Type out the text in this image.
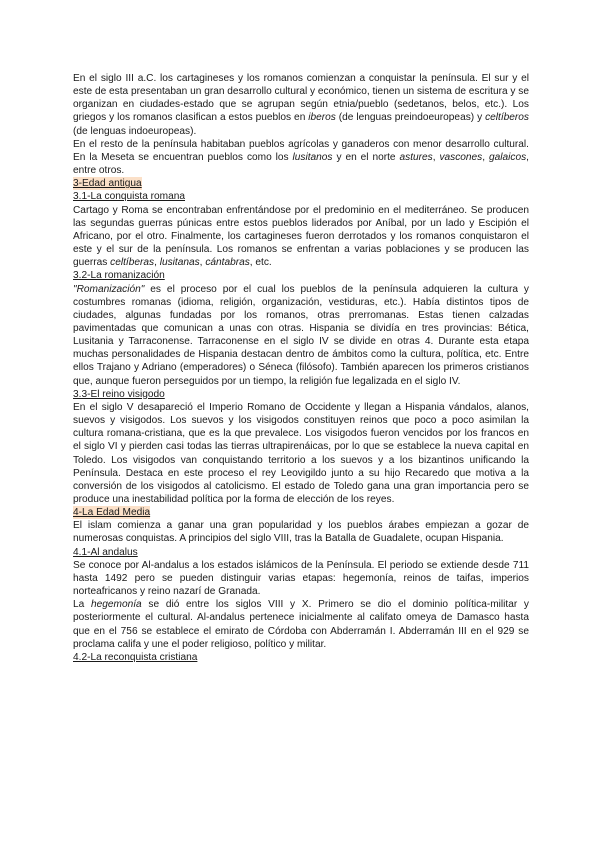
En el siglo III a.C. los cartagineses y los romanos comienzan a conquistar la península. El sur y el este de esta presentaban un gran desarrollo cultural y económico, tienen un sistema de escritura y se organizan en ciudades-estado que se agrupan según etnia/pueblo (sedetanos, belos, etc.). Los griegos y los romanos clasifican a estos pueblos en iberos (de lenguas preindoeuropeas) y celtíberos (de lenguas indoeuropeas).

En el resto de la península habitaban pueblos agrícolas y ganaderos con menor desarrollo cultural. En la Meseta se encuentran pueblos como los lusitanos y en el norte astures, vascones, galaicos, entre otros.

3-Edad antigua
3.1-La conquista romana

Cartago y Roma se encontraban enfrentándose por el predominio en el mediterráneo. Se producen las segundas guerras púnicas entre estos pueblos liderados por Aníbal, por un lado y Escipión el Africano, por el otro. Finalmente, los cartagineses fueron derrotados y los romanos conquistaron el este y el sur de la península. Los romanos se enfrentan a varias poblaciones y se producen las guerras celtíberas, lusitanas, cántabras, etc.

3.2-La romanización

"Romanización" es el proceso por el cual los pueblos de la península adquieren la cultura y costumbres romanas (idioma, religión, organización, vestiduras, etc.). Había distintos tipos de ciudades, algunas fundadas por los romanos, otras prerromanas. Estas tienen calzadas pavimentadas que comunican a unas con otras. Hispania se dividía en tres provincias: Bética, Lusitania y Tarraconense. Tarraconense en el siglo IV se divide en otras 4. Durante esta etapa muchas personalidades de Hispania destacan dentro de ámbitos como la cultura, política, etc. Entre ellos Trajano y Adriano (emperadores) o Séneca (filósofo). También aparecen los primeros cristianos que, aunque fueron perseguidos por un tiempo, la religión fue legalizada en el siglo IV.

3.3-El reino visigodo

En el siglo V desapareció el Imperio Romano de Occidente y llegan a Hispania vándalos, alanos, suevos y visigodos. Los suevos y los visigodos constituyen reinos que poco a poco asimilan la cultura romana-cristiana, que es la que prevalece. Los visigodos fueron vencidos por los francos en el siglo VI y pierden casi todas las tierras ultrapirenáicas, por lo que se establece la nueva capital en Toledo. Los visigodos van conquistando territorio a los suevos y a los bizantinos unificando la Península. Destaca en este proceso el rey Leovigildo junto a su hijo Recaredo que motiva a la conversión de los visigodos al catolicismo. El estado de Toledo gana una gran importancia pero se produce una inestabilidad política por la forma de elección de los reyes.

4-La Edad Media

El islam comienza a ganar una gran popularidad y los pueblos árabes empiezan a gozar de numerosas conquistas. A principios del siglo VIII, tras la Batalla de Guadalete, ocupan Hispania.

4.1-Al andalus

Se conoce por Al-andalus a los estados islámicos de la Península. El periodo se extiende desde 711 hasta 1492 pero se pueden distinguir varias etapas: hegemonía, reinos de taifas, imperios norteafricanos y reino nazarí de Granada.

La hegemonía se dió entre los siglos VIII y X. Primero se dio el dominio política-militar y posteriormente el cultural. Al-andalus pertenece inicialmente al califato omeya de Damasco hasta que en el 756 se establece el emirato de Córdoba con Abderramán I. Abderramán III en el 929 se proclama califa y une el poder religioso, político y militar.

4.2-La reconquista cristiana
